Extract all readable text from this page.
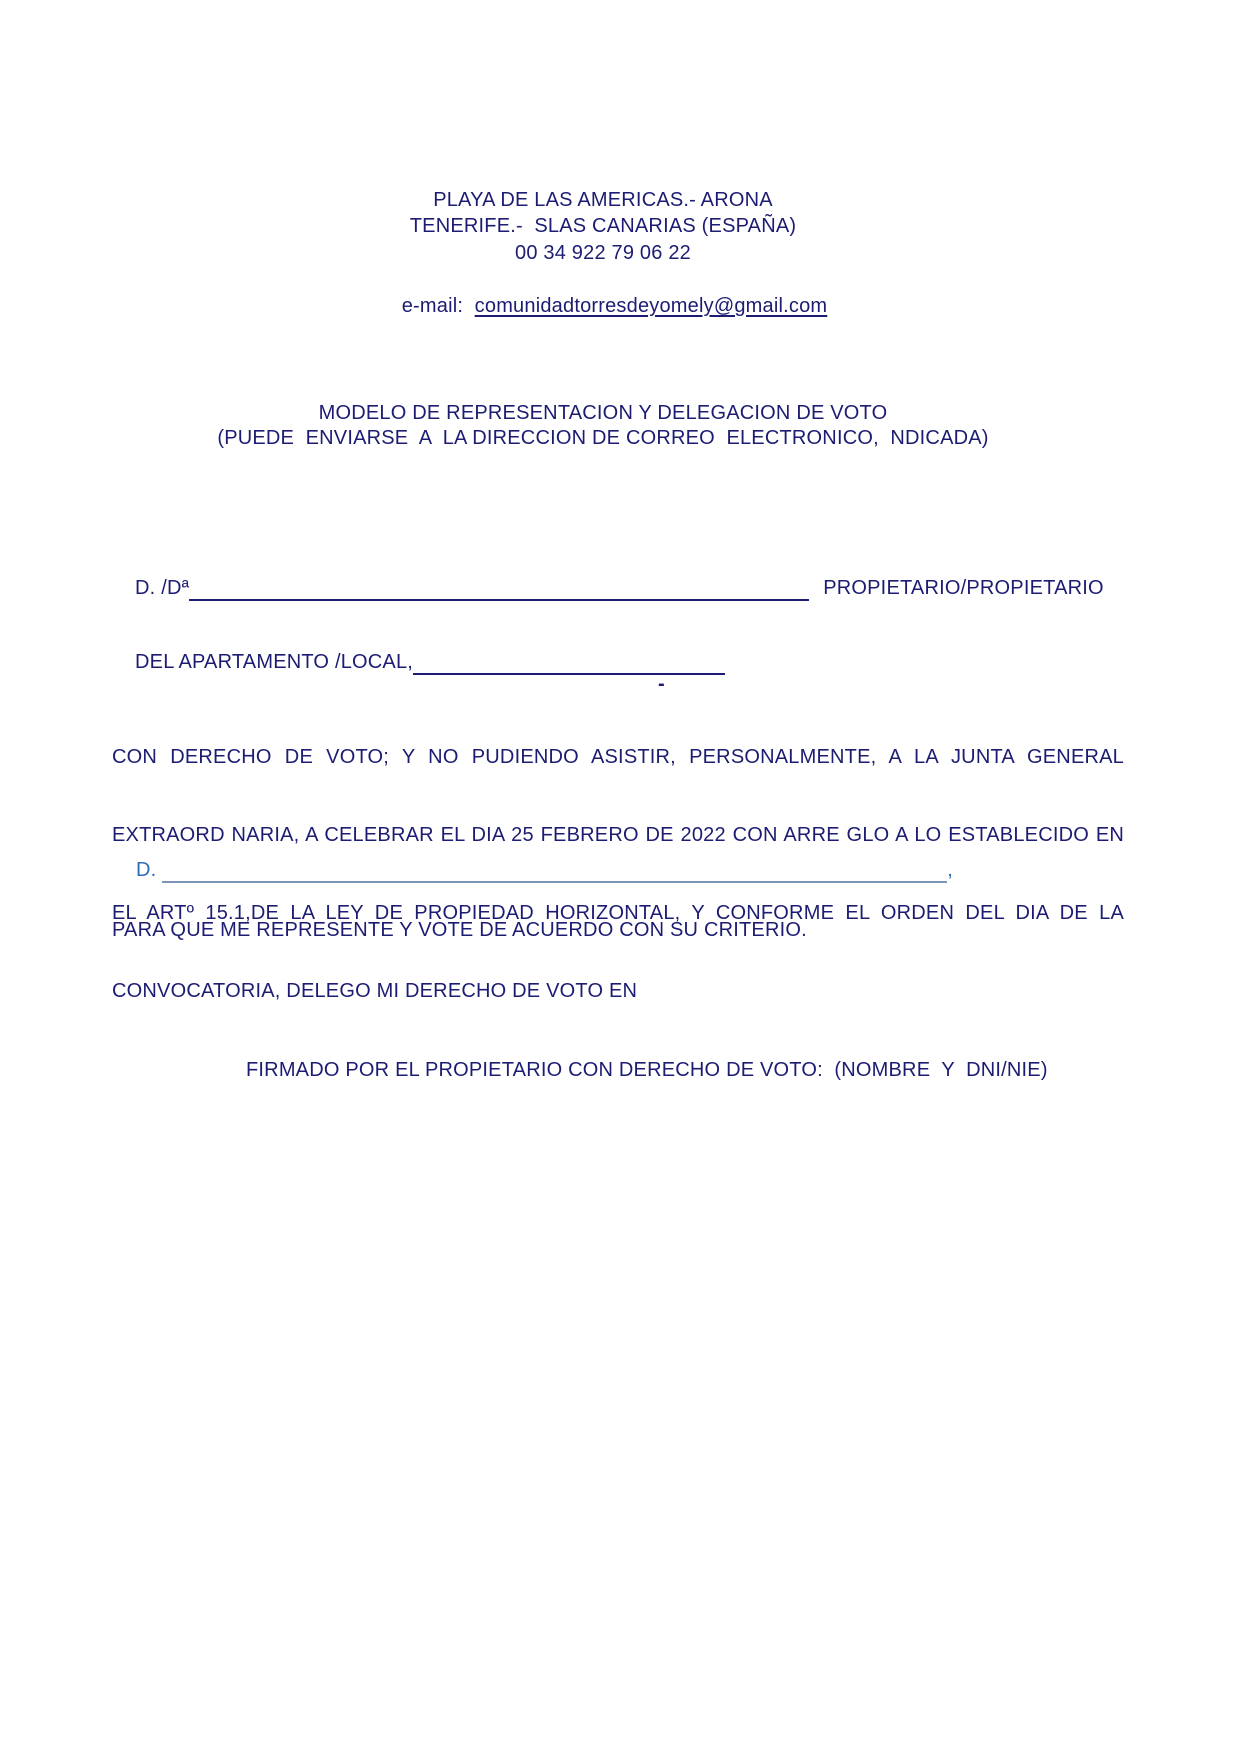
PLAYA DE LAS AMERICAS.- ARONA
TENERIFE.-  SLAS CANARIAS (ESPAÑA)
00 34 922 79 06 22

e-mail:  comunidadtorresdeyomely@gmail.com

MODELO DE REPRESENTACION Y DELEGACION DE VOTO
(PUEDE  ENVIARSE  A  LA DIRECCION DE CORREO  ELECTRONICO,  NDICADA)

D. /Dª	PROPIETARIO/PROPIETARIO

DEL APARTAMENTO /LOCAL,

-

CON DERECHO DE VOTO; Y NO PUDIENDO ASISTIR, PERSONALMENTE, A LA JUNTA GENERAL

EXTRAORD NARIA, A CELEBRAR EL DIA 25 FEBRERO DE 2022 CON ARRE GLO A LO ESTABLECIDO EN

EL ARTº 15.1,DE LA LEY DE PROPIEDAD HORIZONTAL, Y CONFORME EL ORDEN DEL DIA DE LA

CONVOCATORIA, DELEGO MI DERECHO DE VOTO EN

D.	,

PARA QUE ME REPRESENTE Y VOTE DE ACUERDO CON SU CRITERIO.
FIRMADO POR EL PROPIETARIO CON DERECHO DE VOTO:  (NOMBRE  Y  DNI/NIE)
